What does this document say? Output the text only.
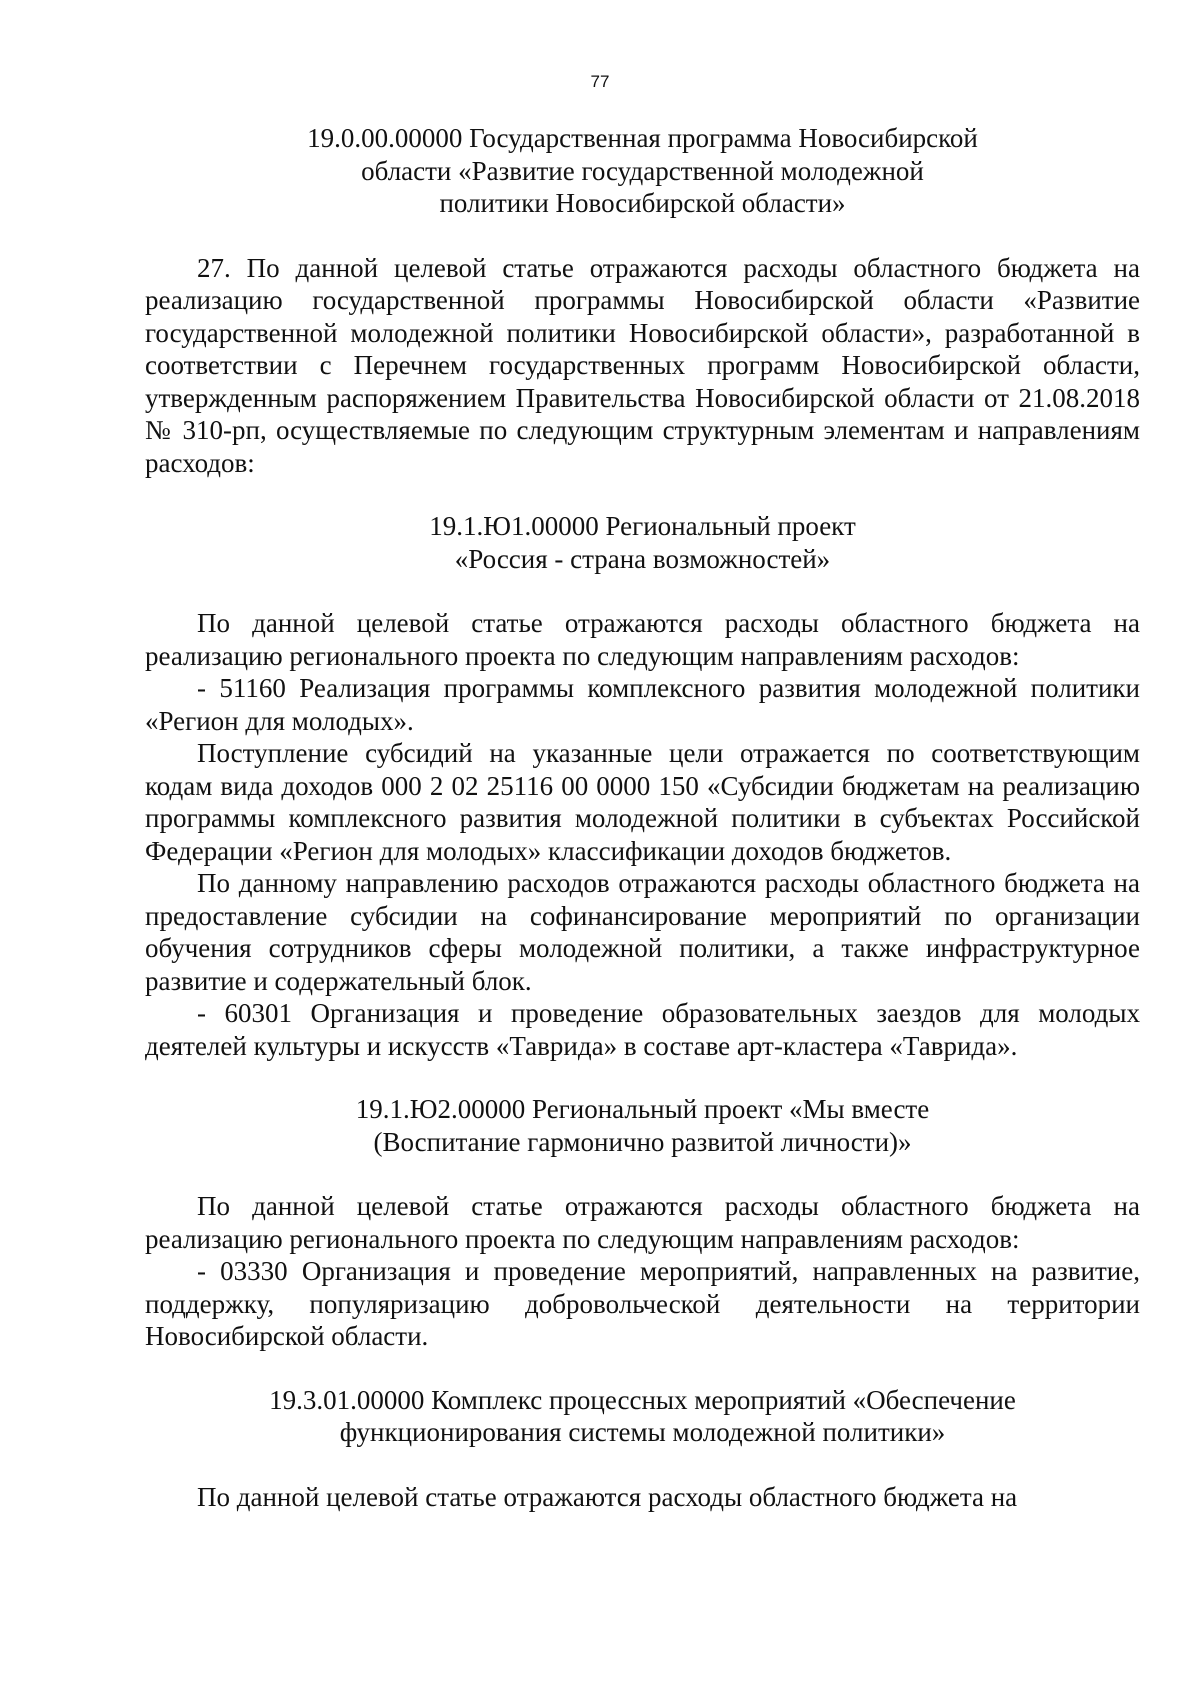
77
19.0.00.00000 Государственная программа Новосибирской
области «Развитие государственной молодежной
политики Новосибирской области»

27. По данной целевой статье отражаются расходы областного бюджета на реализацию государственной программы Новосибирской области «Развитие государственной молодежной политики Новосибирской области», разработанной в соответствии с Перечнем государственных программ Новосибирской области, утвержденным распоряжением Правительства Новосибирской области от 21.08.2018 № 310-рп, осуществляемые по следующим структурным элементам и направлениям расходов:

19.1.Ю1.00000 Региональный проект
«Россия - страна возможностей»

По данной целевой статье отражаются расходы областного бюджета на реализацию регионального проекта по следующим направлениям расходов:

- 51160 Реализация программы комплексного развития молодежной политики «Регион для молодых».

Поступление субсидий на указанные цели отражается по соответствующим кодам вида доходов 000 2 02 25116 00 0000 150 «Субсидии бюджетам на реализацию программы комплексного развития молодежной политики в субъектах Российской Федерации «Регион для молодых» классификации доходов бюджетов.

По данному направлению расходов отражаются расходы областного бюджета на предоставление субсидии на софинансирование мероприятий по организации обучения сотрудников сферы молодежной политики, а также инфраструктурное развитие и содержательный блок.

- 60301 Организация и проведение образовательных заездов для молодых деятелей культуры и искусств «Таврида» в составе арт-кластера «Таврида».

19.1.Ю2.00000 Региональный проект «Мы вместе
(Воспитание гармонично развитой личности)»

По данной целевой статье отражаются расходы областного бюджета на реализацию регионального проекта по следующим направлениям расходов:

- 03330 Организация и проведение мероприятий, направленных на развитие, поддержку, популяризацию добровольческой деятельности на территории Новосибирской области.

19.3.01.00000 Комплекс процессных мероприятий «Обеспечение
функционирования системы молодежной политики»

По данной целевой статье отражаются расходы областного бюджета на
